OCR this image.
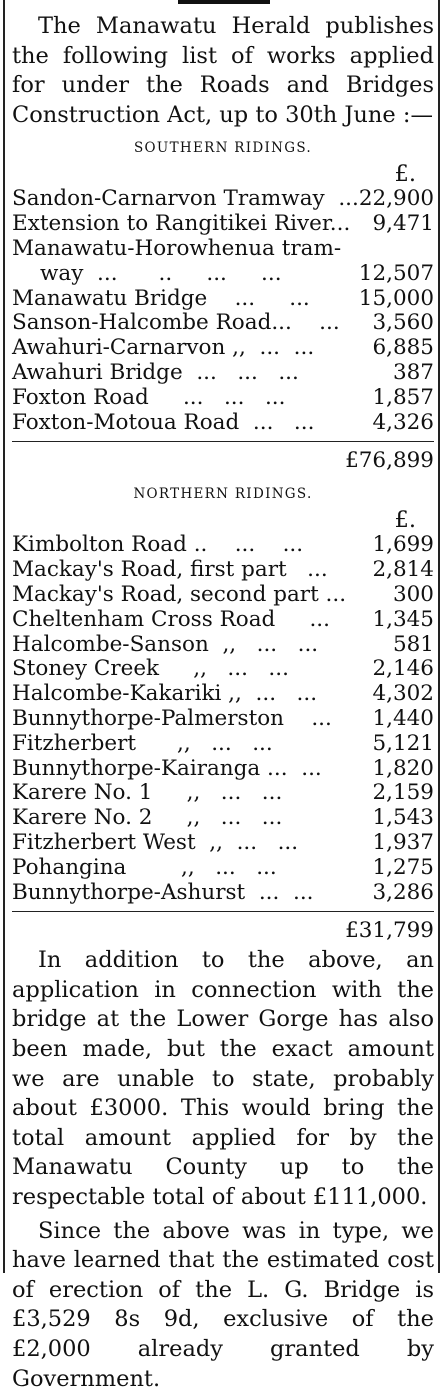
The Manawatu Herald publishes the following list of works applied for under the Roads and Bridges Construction Act, up to 30th June :—

SOUTHERN RIDINGS.
£.
Sandon-Carnarvon Tramway  ... 22,900
Extension to Rangitikei River...	9,471
Manawatu-Horowhenua tram-
way  ...      ..     ...     ...	12,507
Manawatu Bridge    ...     ... 15,000
Sanson-Halcombe Road...    ...	3,560
Awahuri-Carnarvon ,,  ...  ...	6,885
Awahuri Bridge  ...   ...   ...	387
Foxton Road     ...   ...   ...	1,857
Foxton-Motoua Road  ...   ...	4,326
£76,899
NORTHERN RIDINGS.
£.
Kimbolton Road ..    ...    ...	1,699
Mackay's Road, first part   ...	2,814
Mackay's Road, second part ...	300
Cheltenham Cross Road     ...	1,345
Halcombe-Sanson  ,,   ...   ...	581
Stoney Creek     ,,   ...   ...	2,146
Halcombe-Kakariki ,,  ...   ...	4,302
Bunnythorpe-Palmerston    ...	1,440
Fitzherbert      ,,   ...   ...	5,121
Bunnythorpe-Kairanga ...  ...	1,820
Karere No. 1     ,,   ...   ...	2,159
Karere No. 2     ,,   ...   ...	1,543
Fitzherbert West  ,,  ...   ...	1,937
Pohangina        ,,   ...   ...	1,275
Bunnythorpe-Ashurst  ...  ...	3,286
£31,799

In addition to the above, an application in connection with the bridge at the Lower Gorge has also been made, but the exact amount we are unable to state, probably about £3000. This would bring the total amount applied for by the Manawatu County up to the respectable total of about £111,000.

Since the above was in type, we have learned that the estimated cost of erection of the L. G. Bridge is £3,529 8s 9d, exclusive of the £2,000 already granted by Government.
